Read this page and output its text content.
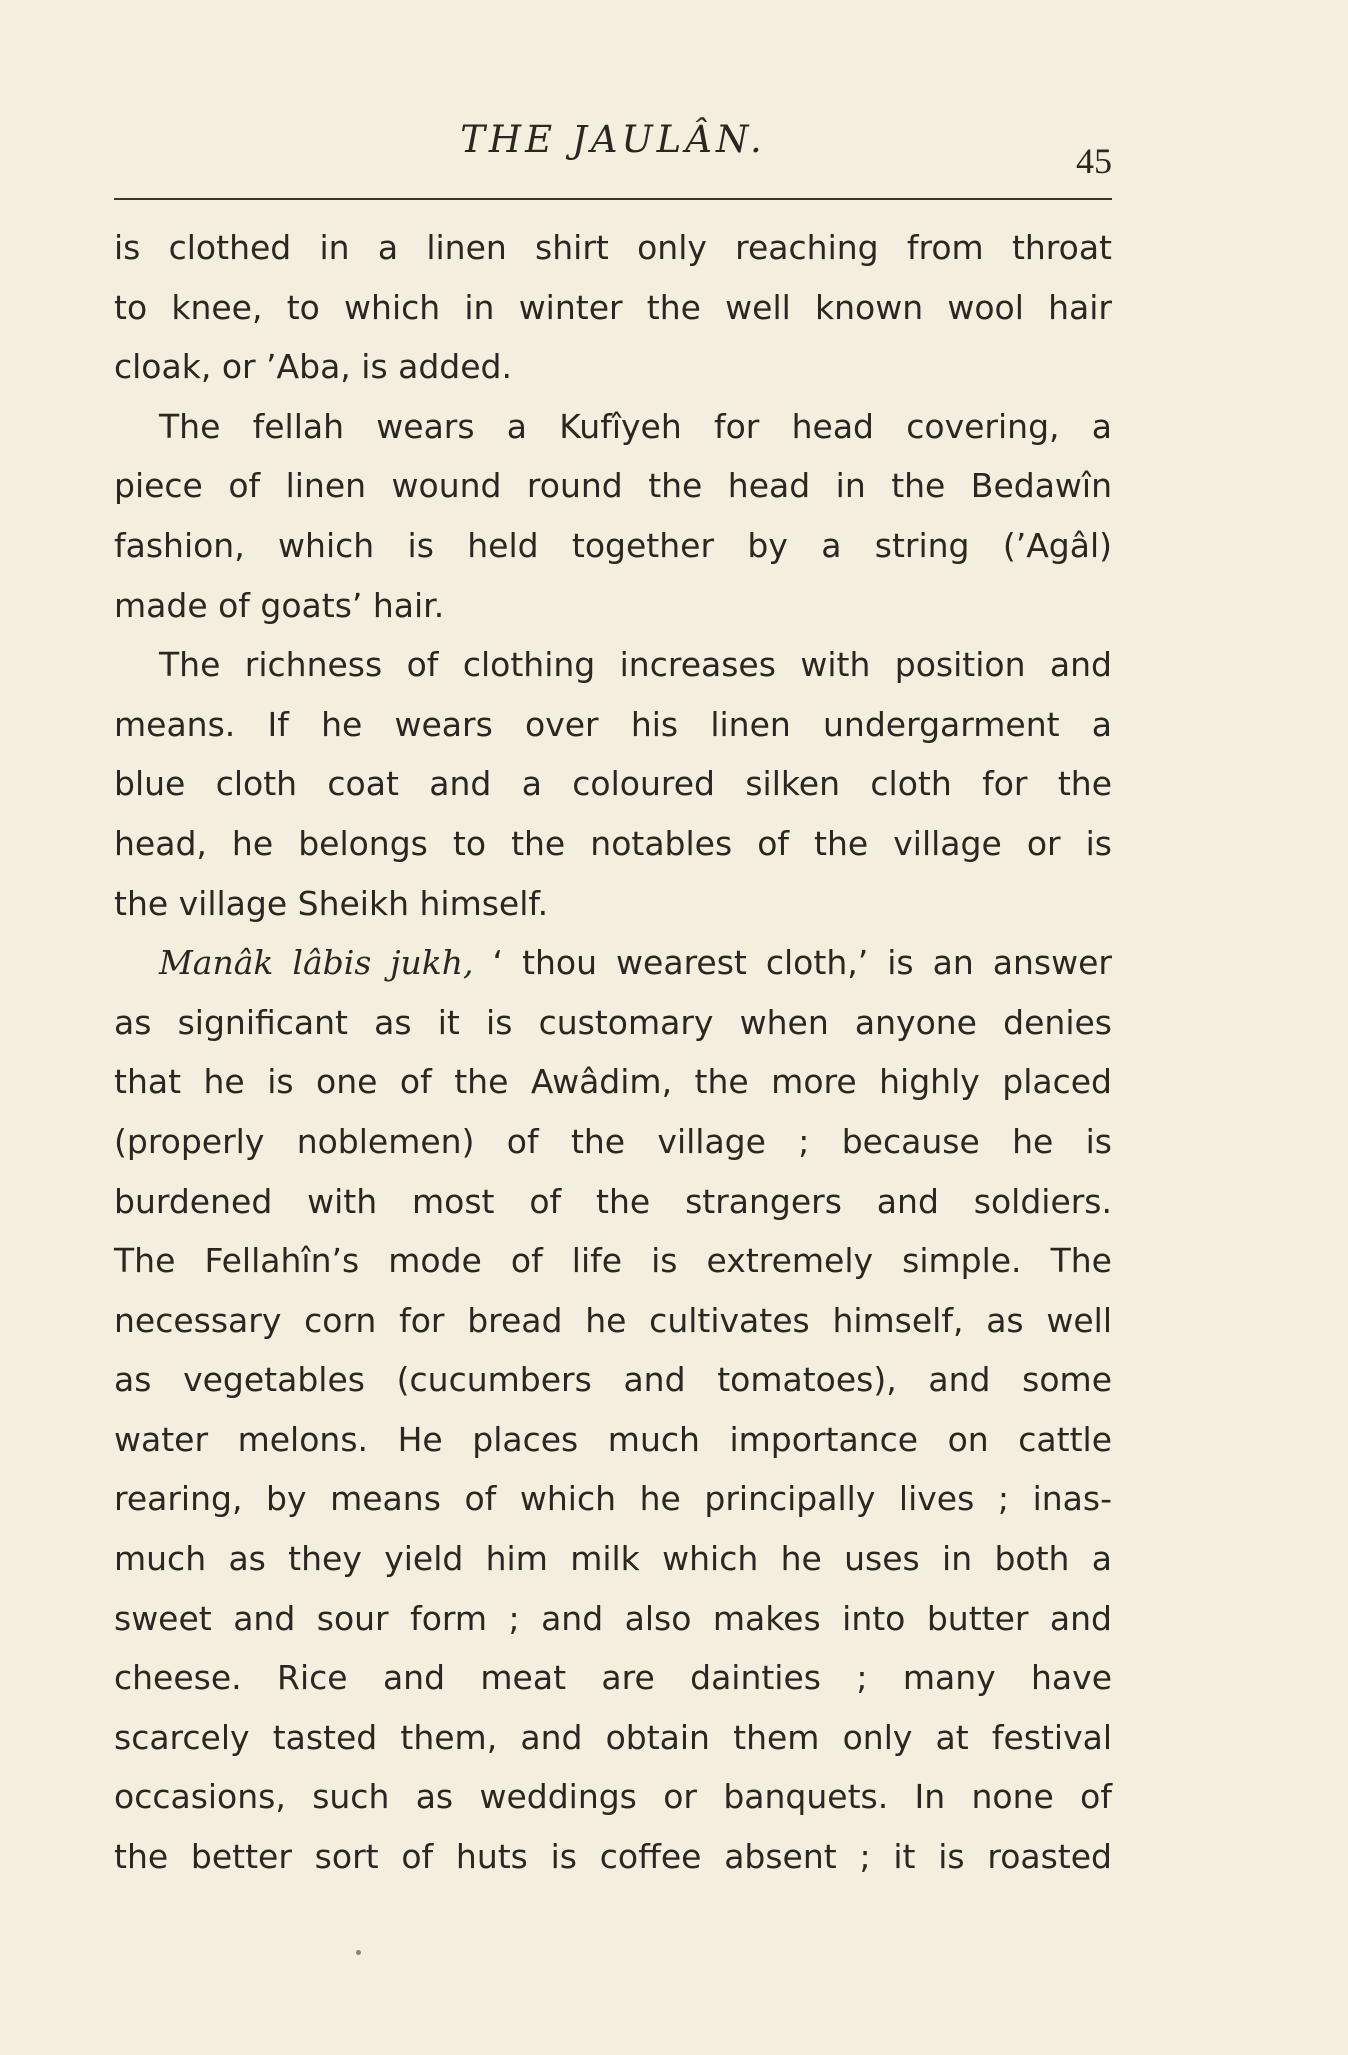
THE JAULÂN.	45
is clothed in a linen shirt only reaching from throat
to knee, to which in winter the well known wool hair
cloak, or ’Aba, is added.
The fellah wears a Kufîyeh for head covering, a
piece of linen wound round the head in the Bedawîn
fashion, which is held together by a string (’Agâl)
made of goats’ hair.
The richness of clothing increases with position and
means. If he wears over his linen undergarment a
blue cloth coat and a coloured silken cloth for the
head, he belongs to the notables of the village or is
the village Sheikh himself.
Manâk lâbis jukh, ‘ thou wearest cloth,’ is an answer
as significant as it is customary when anyone denies
that he is one of the Awâdim, the more highly placed
(properly noblemen) of the village ; because he is
burdened with most of the strangers and soldiers.
The Fellahîn’s mode of life is extremely simple. The
necessary corn for bread he cultivates himself, as well
as vegetables (cucumbers and tomatoes), and some
water melons. He places much importance on cattle
rearing, by means of which he principally lives ; inas-
much as they yield him milk which he uses in both a
sweet and sour form ; and also makes into butter and
cheese. Rice and meat are dainties ; many have
scarcely tasted them, and obtain them only at festival
occasions, such as weddings or banquets. In none of
the better sort of huts is coffee absent ; it is roasted
